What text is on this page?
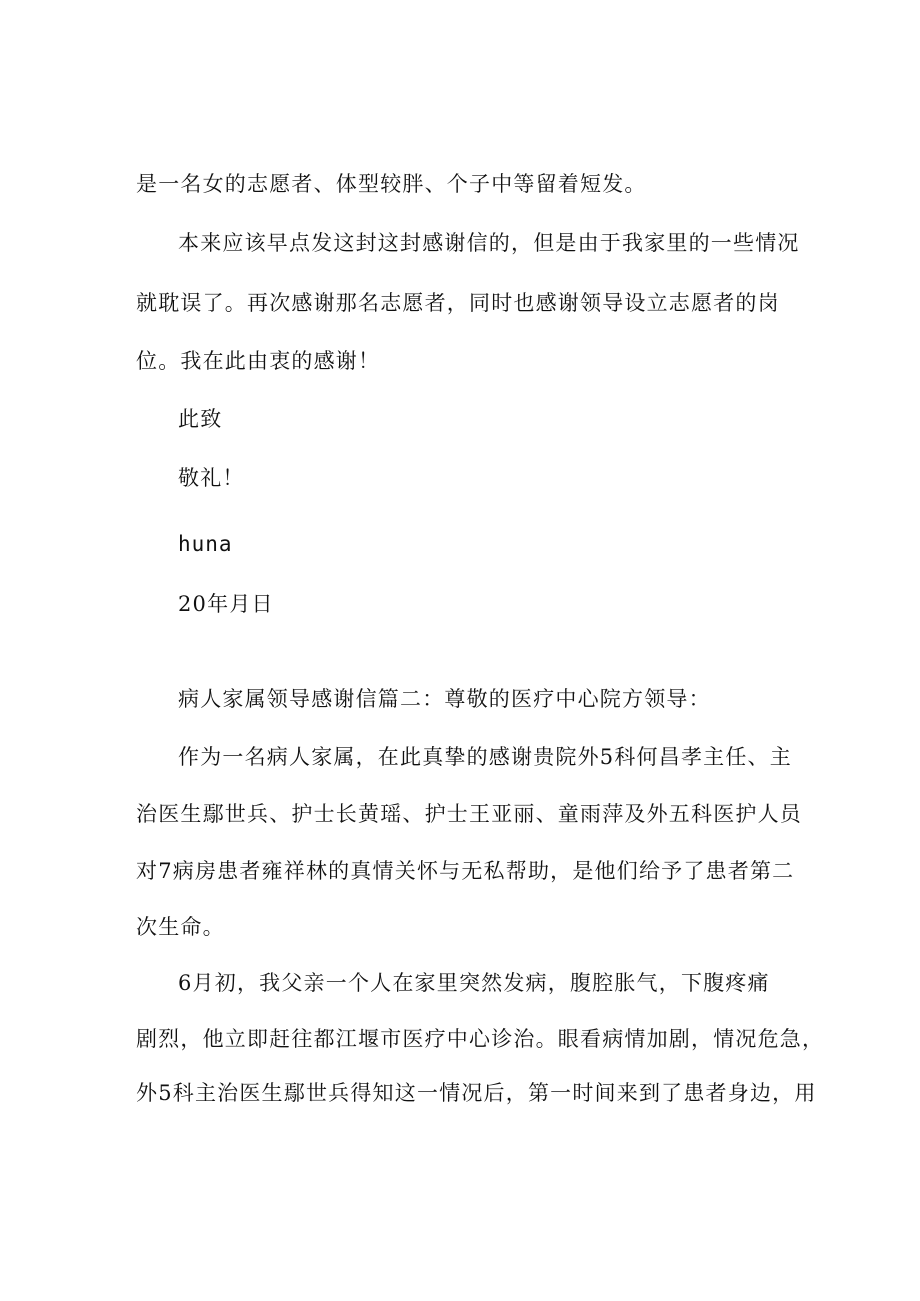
是一名女的志愿者、体型较胖、个子中等留着短发。
本来应该早点发这封这封感谢信的，但是由于我家里的一些情况
就耽误了。再次感谢那名志愿者，同时也感谢领导设立志愿者的岗
位。我在此由衷的感谢！
此致
敬礼！
huna
20年月日
病人家属领导感谢信篇二：尊敬的医疗中心院方领导：
作为一名病人家属，在此真挚的感谢贵院外5科何昌孝主任、主
治医生鄢世兵、护士长黄瑶、护士王亚丽、童雨萍及外五科医护人员
对7病房患者雍祥林的真情关怀与无私帮助，是他们给予了患者第二
次生命。
6月初，我父亲一个人在家里突然发病，腹腔胀气，下腹疼痛
剧烈，他立即赶往都江堰市医疗中心诊治。眼看病情加剧，情况危急，
外5科主治医生鄢世兵得知这一情况后，第一时间来到了患者身边，用
